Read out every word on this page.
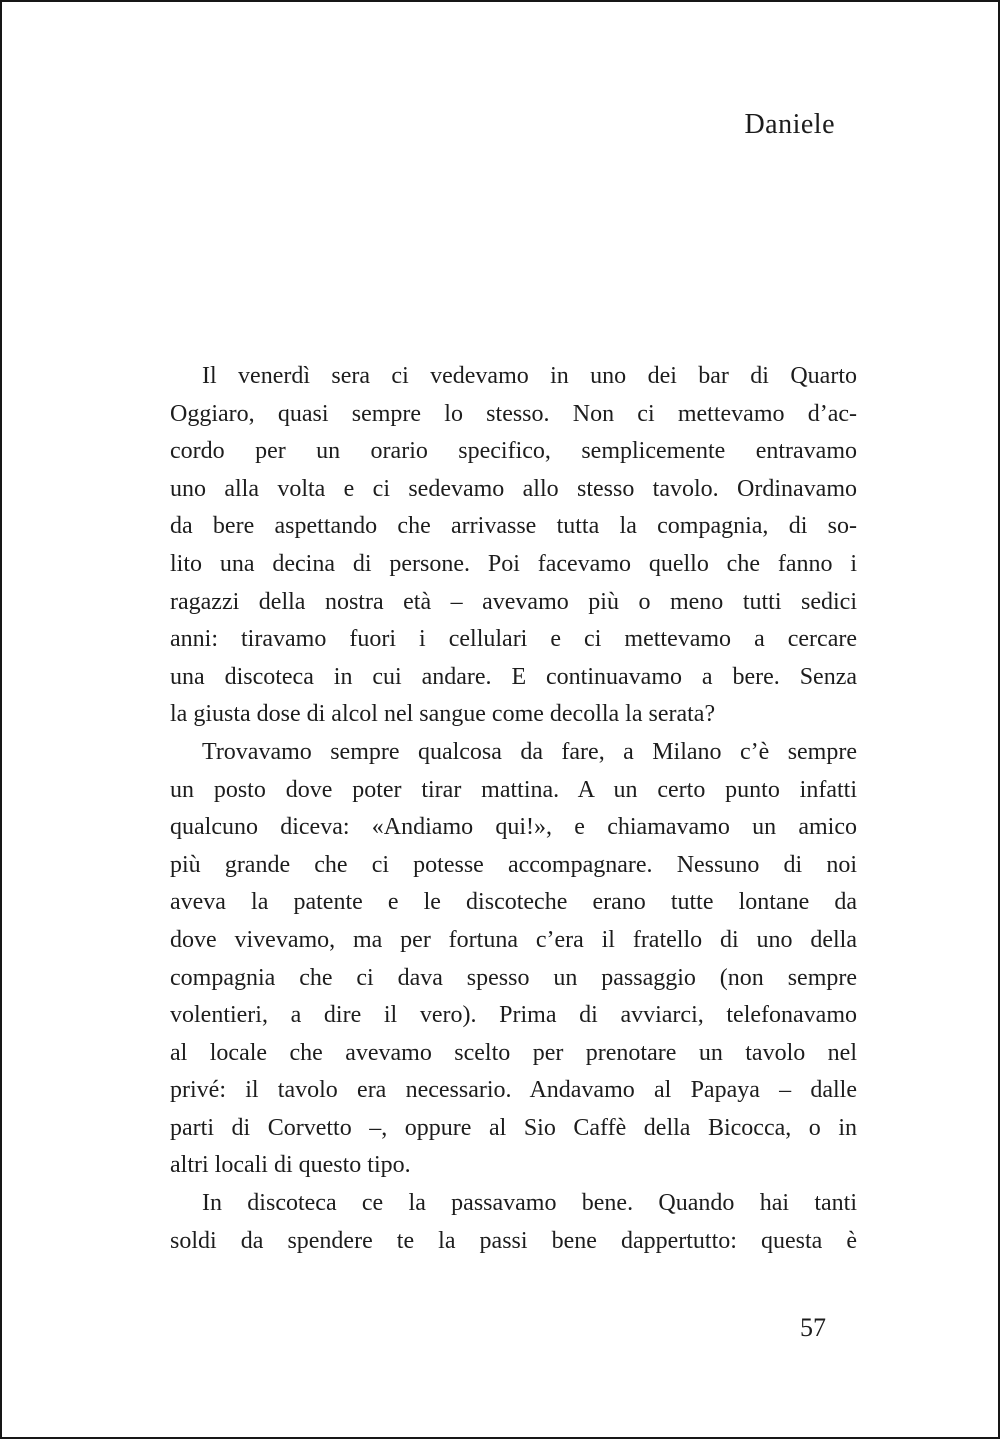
Daniele
Il venerdì sera ci vedevamo in uno dei bar di Quarto
Oggiaro, quasi sempre lo stesso. Non ci mettevamo d’ac-
cordo per un orario specifico, semplicemente entravamo
uno alla volta e ci sedevamo allo stesso tavolo. Ordinavamo
da bere aspettando che arrivasse tutta la compagnia, di so-
lito una decina di persone. Poi facevamo quello che fanno i
ragazzi della nostra età – avevamo più o meno tutti sedici
anni: tiravamo fuori i cellulari e ci mettevamo a cercare
una discoteca in cui andare. E continuavamo a bere. Senza
la giusta dose di alcol nel sangue come decolla la serata?
Trovavamo sempre qualcosa da fare, a Milano c’è sempre
un posto dove poter tirar mattina. A un certo punto infatti
qualcuno diceva: «Andiamo qui!», e chiamavamo un amico
più grande che ci potesse accompagnare. Nessuno di noi
aveva la patente e le discoteche erano tutte lontane da
dove vivevamo, ma per fortuna c’era il fratello di uno della
compagnia che ci dava spesso un passaggio (non sempre
volentieri, a dire il vero). Prima di avviarci, telefonavamo
al locale che avevamo scelto per prenotare un tavolo nel
privé: il tavolo era necessario. Andavamo al Papaya – dalle
parti di Corvetto –, oppure al Sio Caffè della Bicocca, o in
altri locali di questo tipo.
In discoteca ce la passavamo bene. Quando hai tanti
soldi da spendere te la passi bene dappertutto: questa è
57
